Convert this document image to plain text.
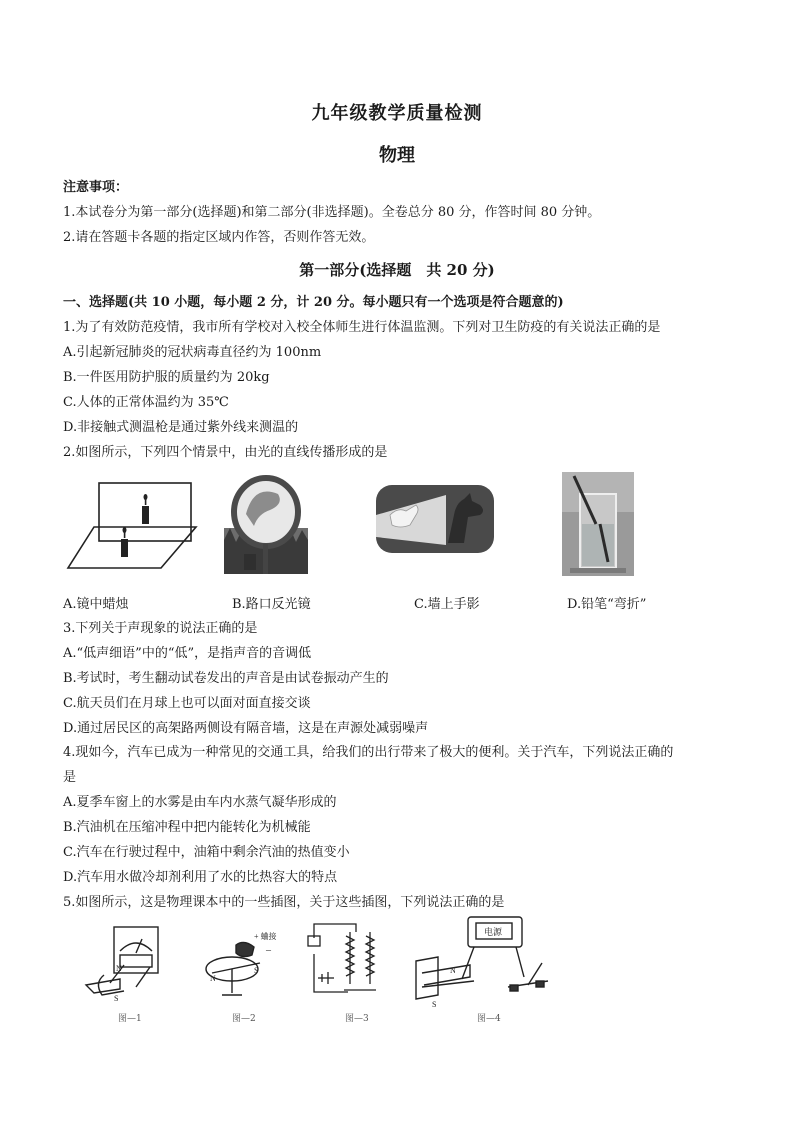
九年级教学质量检测
物理
注意事项：
1.本试卷分为第一部分(选择题)和第二部分(非选择题)。全卷总分 80 分，作答时间 80 分钟。
2.请在答题卡各题的指定区域内作答，否则作答无效。
第一部分(选择题　共 20 分)
一、选择题(共 10 小题，每小题 2 分，计 20 分。每小题只有一个选项是符合题意的)
1.为了有效防范疫情，我市所有学校对入校全体师生进行体温监测。下列对卫生防疫的有关说法正确的是
A.引起新冠肺炎的冠状病毒直径约为 100nm
B.一件医用防护服的质量约为 20kg
C.人体的正常体温约为 35℃
D.非接触式测温枪是通过紫外线来测温的
2.如图所示，下列四个情景中，由光的直线传播形成的是
A.镜中蜡烛	B.路口反光镜	C.墙上手影	D.铅笔“弯折”
3.下列关于声现象的说法正确的是
A.“低声细语”中的“低”，是指声音的音调低
B.考试时，考生翻动试卷发出的声音是由试卷振动产生的
C.航天员们在月球上也可以面对面直接交谈
D.通过居民区的高架路两侧设有隔音墙，这是在声源处减弱噪声
4.现如今，汽车已成为一种常见的交通工具，给我们的出行带来了极大的便利。关于汽车，下列说法正确的
是
A.夏季车窗上的水雾是由车内水蒸气凝华形成的
B.汽油机在压缩冲程中把内能转化为机械能
C.汽车在行驶过程中，油箱中剩余汽油的热值变小
D.汽车用水做冷却剂利用了水的比热容大的特点
5.如图所示，这是物理课本中的一些插图，关于这些插图，下列说法正确的是
N
S
+ 蛐接
–
N
S
电源
N
S
图—1	图—2	图—3	图—4
